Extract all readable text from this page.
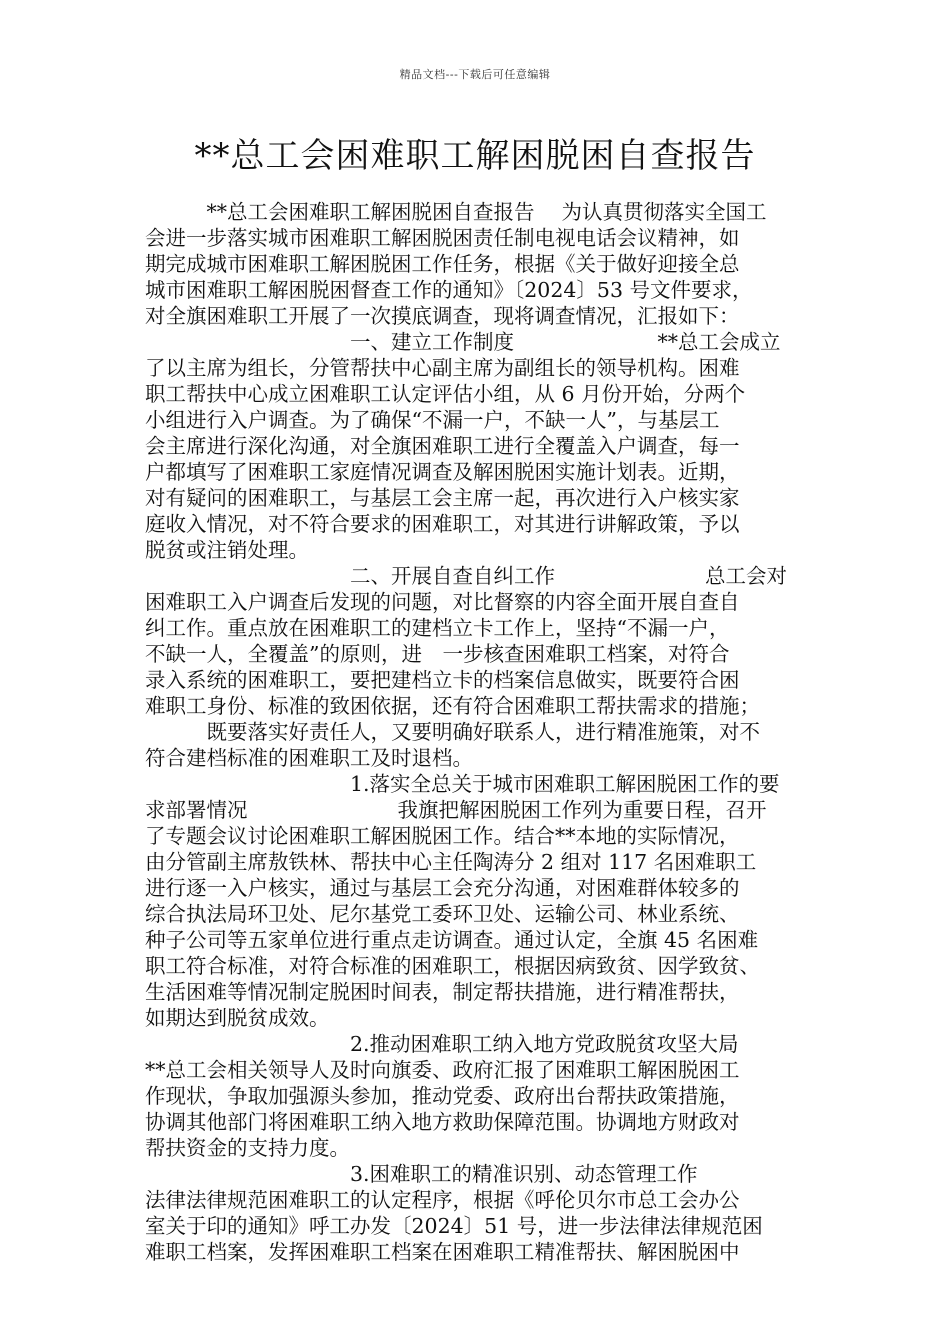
精品文档---下载后可任意编辑
**总工会困难职工解困脱困自查报告
　　　**总工会困难职工解困脱困自查报告　 为认真贯彻落实全国工
会进一步落实城市困难职工解困脱困责任制电视电话会议精神，如
期完成城市困难职工解困脱困工作任务，根据《关于做好迎接全总
城市困难职工解困脱困督查工作的通知》〔2024〕53 号文件要求，
对全旗困难职工开展了一次摸底调查，现将调查情况，汇报如下：
　　　　　　　　　　一、建立工作制度　　　　　　　**总工会成立
了以主席为组长，分管帮扶中心副主席为副组长的领导机构。困难
职工帮扶中心成立困难职工认定评估小组，从 6 月份开始，分两个
小组进行入户调查。为了确保“不漏一户，不缺一人”，与基层工
会主席进行深化沟通，对全旗困难职工进行全覆盖入户调查，每一
户都填写了困难职工家庭情况调查及解困脱困实施计划表。近期，
对有疑问的困难职工，与基层工会主席一起，再次进行入户核实家
庭收入情况，对不符合要求的困难职工，对其进行讲解政策，予以
脱贫或注销处理。
　　　　　　　　　　二、开展自查自纠工作　　　　　　　 总工会对
困难职工入户调查后发现的问题，对比督察的内容全面开展自查自
纠工作。重点放在困难职工的建档立卡工作上，坚持“不漏一户，
不缺一人，全覆盖”的原则，进　一步核查困难职工档案，对符合
录入系统的困难职工，要把建档立卡的档案信息做实，既要符合困
难职工身份、标准的致困依据，还有符合困难职工帮扶需求的措施；
　　　既要落实好责任人，又要明确好联系人，进行精准施策，对不
符合建档标准的困难职工及时退档。
　　　　　　　　　　1.落实全总关于城市困难职工解困脱困工作的要
求部署情况　　　　　　　 我旗把解困脱困工作列为重要日程，召开
了专题会议讨论困难职工解困脱困工作。结合**本地的实际情况，
由分管副主席敖铁林、帮扶中心主任陶涛分 2 组对 117 名困难职工
进行逐一入户核实，通过与基层工会充分沟通，对困难群体较多的
综合执法局环卫处、尼尔基党工委环卫处、运输公司、林业系统、
种子公司等五家单位进行重点走访调查。通过认定，全旗 45 名困难
职工符合标准，对符合标准的困难职工，根据因病致贫、因学致贫、
生活困难等情况制定脱困时间表，制定帮扶措施，进行精准帮扶，
如期达到脱贫成效。
　　　　　　　　　　2.推动困难职工纳入地方党政脱贫攻坚大局
**总工会相关领导人及时向旗委、政府汇报了困难职工解困脱困工
作现状，争取加强源头参加，推动党委、政府出台帮扶政策措施，
协调其他部门将困难职工纳入地方救助保障范围。协调地方财政对
帮扶资金的支持力度。
　　　　　　　　　　3.困难职工的精准识别、动态管理工作
法律法律规范困难职工的认定程序，根据《呼伦贝尔市总工会办公
室关于印的通知》呼工办发〔2024〕51 号，进一步法律法律规范困
难职工档案，发挥困难职工档案在困难职工精准帮扶、解困脱困中
